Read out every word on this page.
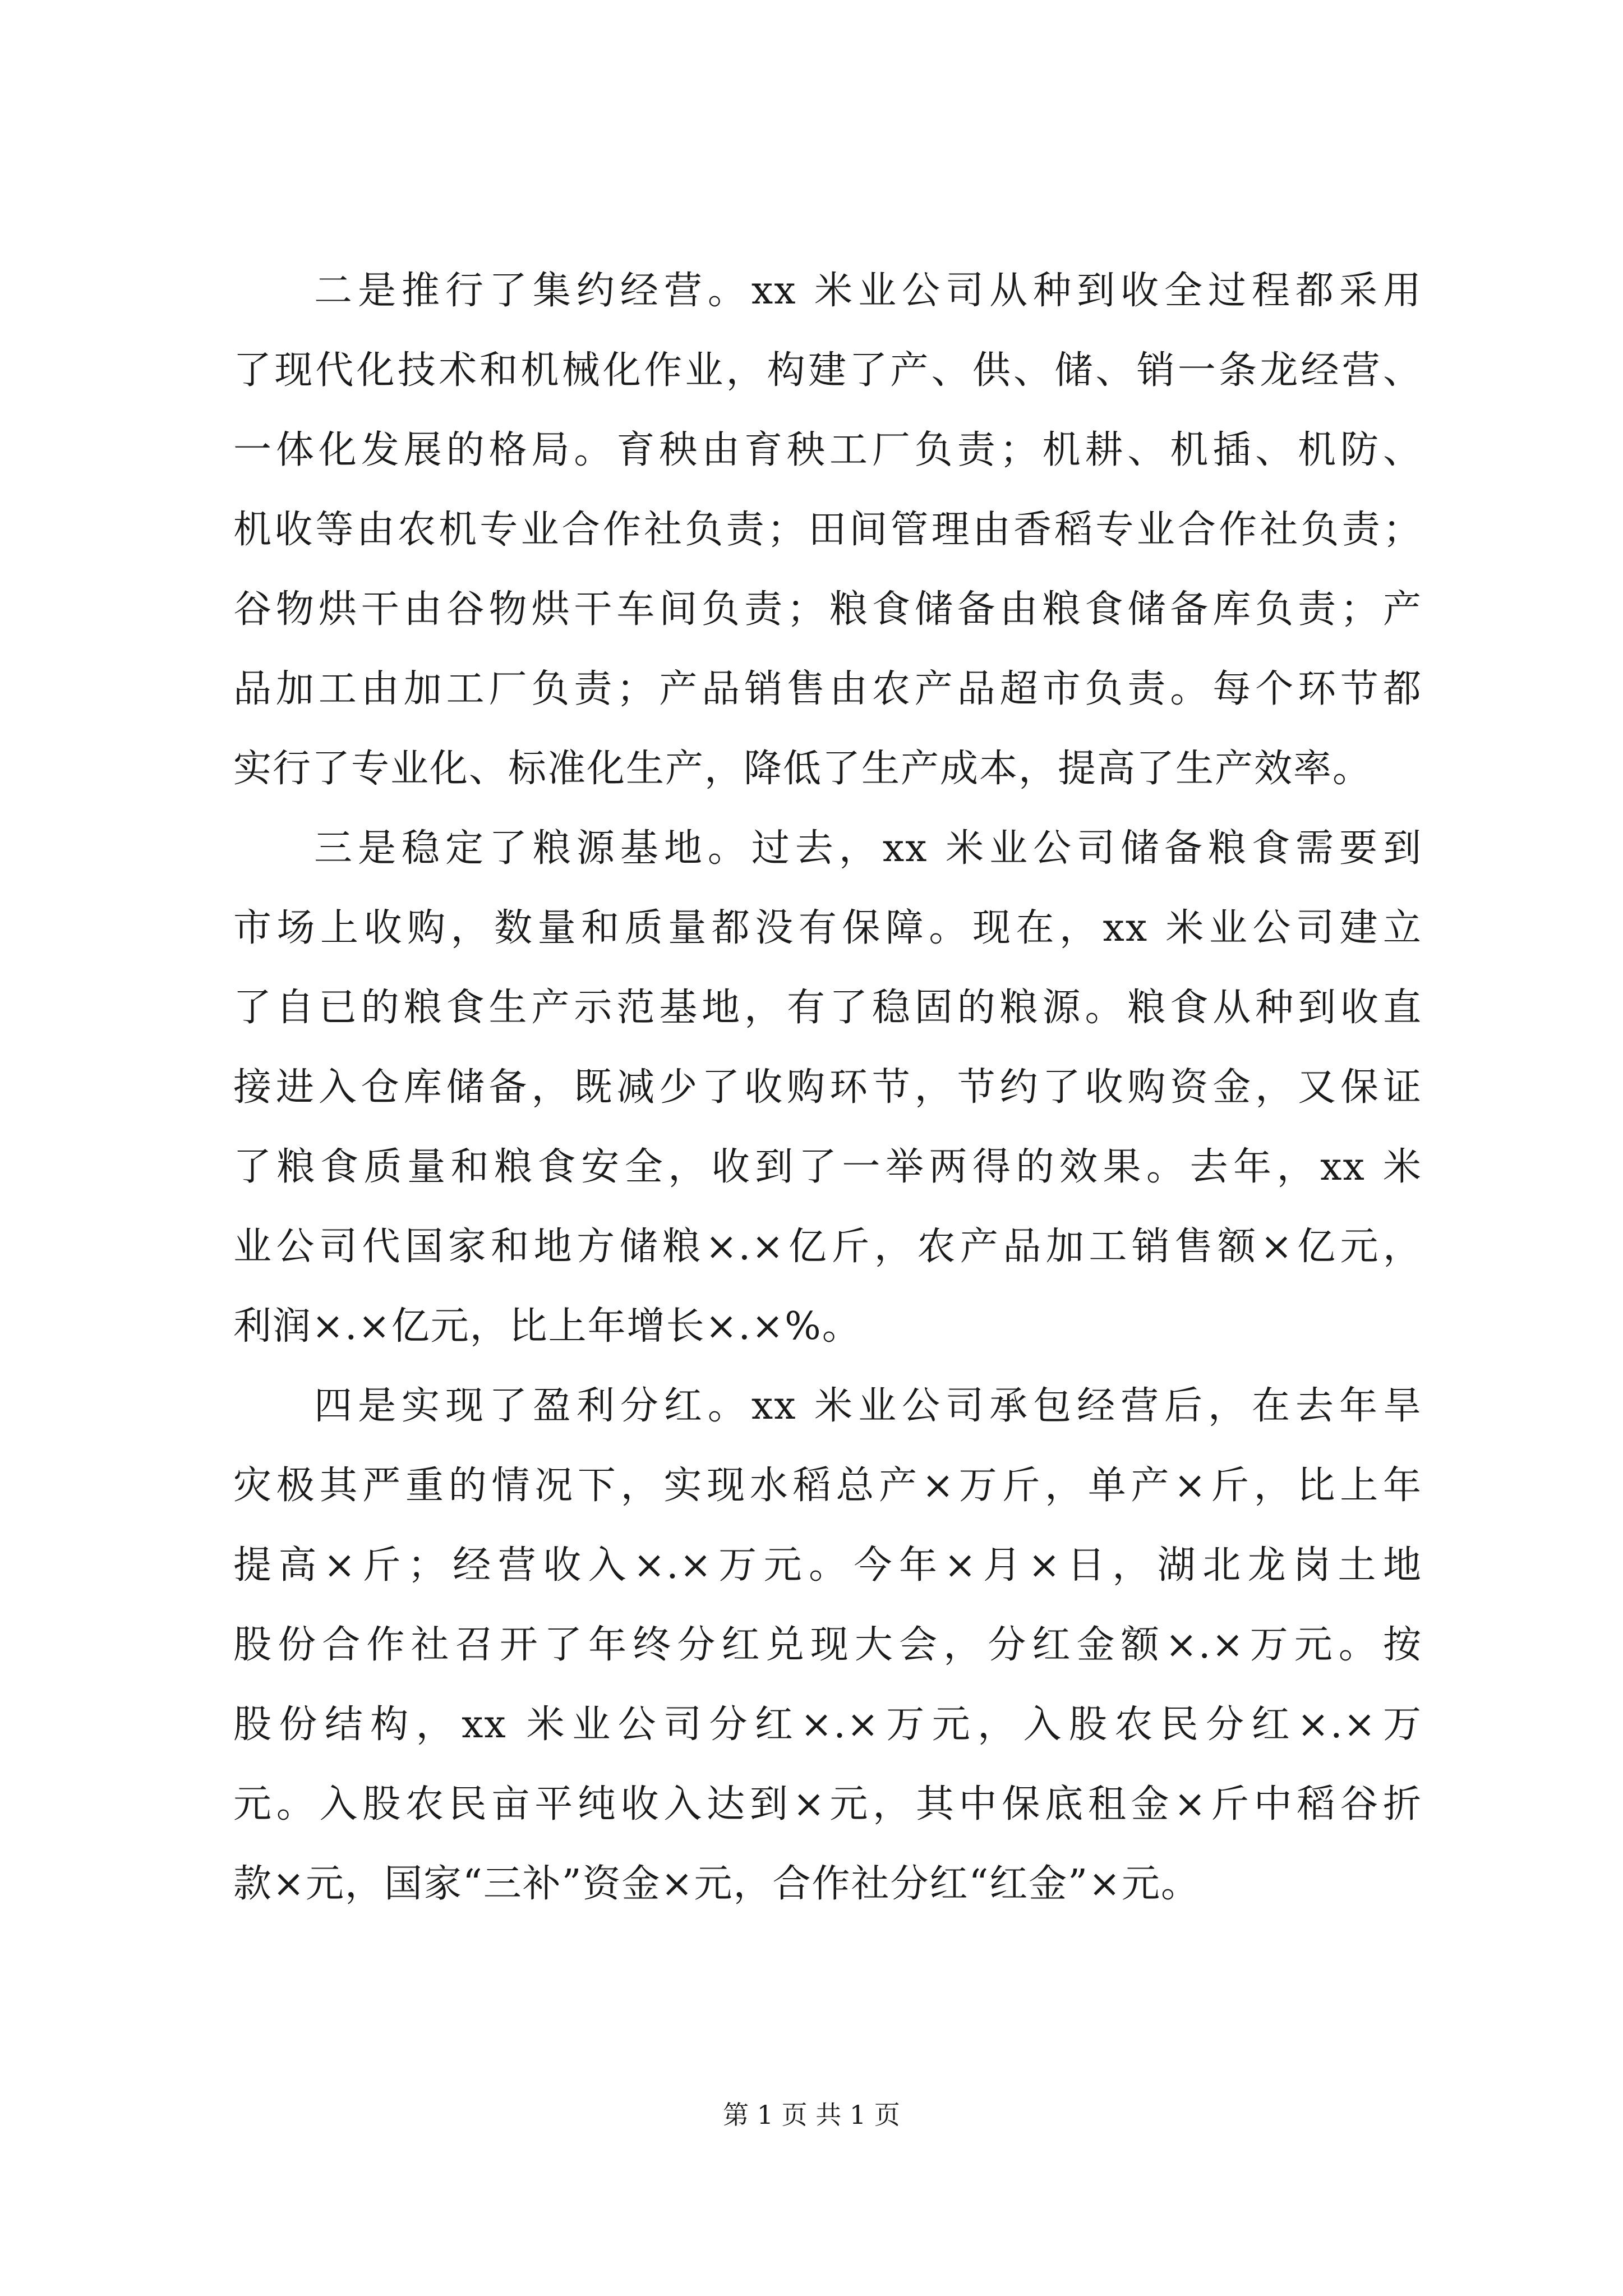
二是推行了集约经营。xx 米业公司从种到收全过程都采用
了现代化技术和机械化作业，构建了产、供、储、销一条龙经营、
一体化发展的格局。育秧由育秧工厂负责；机耕、机插、机防、
机收等由农机专业合作社负责；田间管理由香稻专业合作社负责；
谷物烘干由谷物烘干车间负责；粮食储备由粮食储备库负责；产
品加工由加工厂负责；产品销售由农产品超市负责。每个环节都
实行了专业化、标准化生产，降低了生产成本，提高了生产效率。
三是稳定了粮源基地。过去，xx 米业公司储备粮食需要到
市场上收购，数量和质量都没有保障。现在，xx 米业公司建立
了自已的粮食生产示范基地，有了稳固的粮源。粮食从种到收直
接进入仓库储备，既减少了收购环节，节约了收购资金，又保证
了粮食质量和粮食安全，收到了一举两得的效果。去年，xx 米
业公司代国家和地方储粮×.×亿斤，农产品加工销售额×亿元，
利润×.×亿元，比上年增长×.×%。
四是实现了盈利分红。xx 米业公司承包经营后，在去年旱
灾极其严重的情况下，实现水稻总产×万斤，单产×斤，比上年
提高×斤；经营收入×.×万元。今年×月×日，湖北龙岗土地
股份合作社召开了年终分红兑现大会，分红金额×.×万元。按
股份结构，xx 米业公司分红×.×万元，入股农民分红×.×万
元。入股农民亩平纯收入达到×元，其中保底租金×斤中稻谷折
款×元，国家“三补”资金×元，合作社分红“红金”×元。
第 1 页 共 1 页
